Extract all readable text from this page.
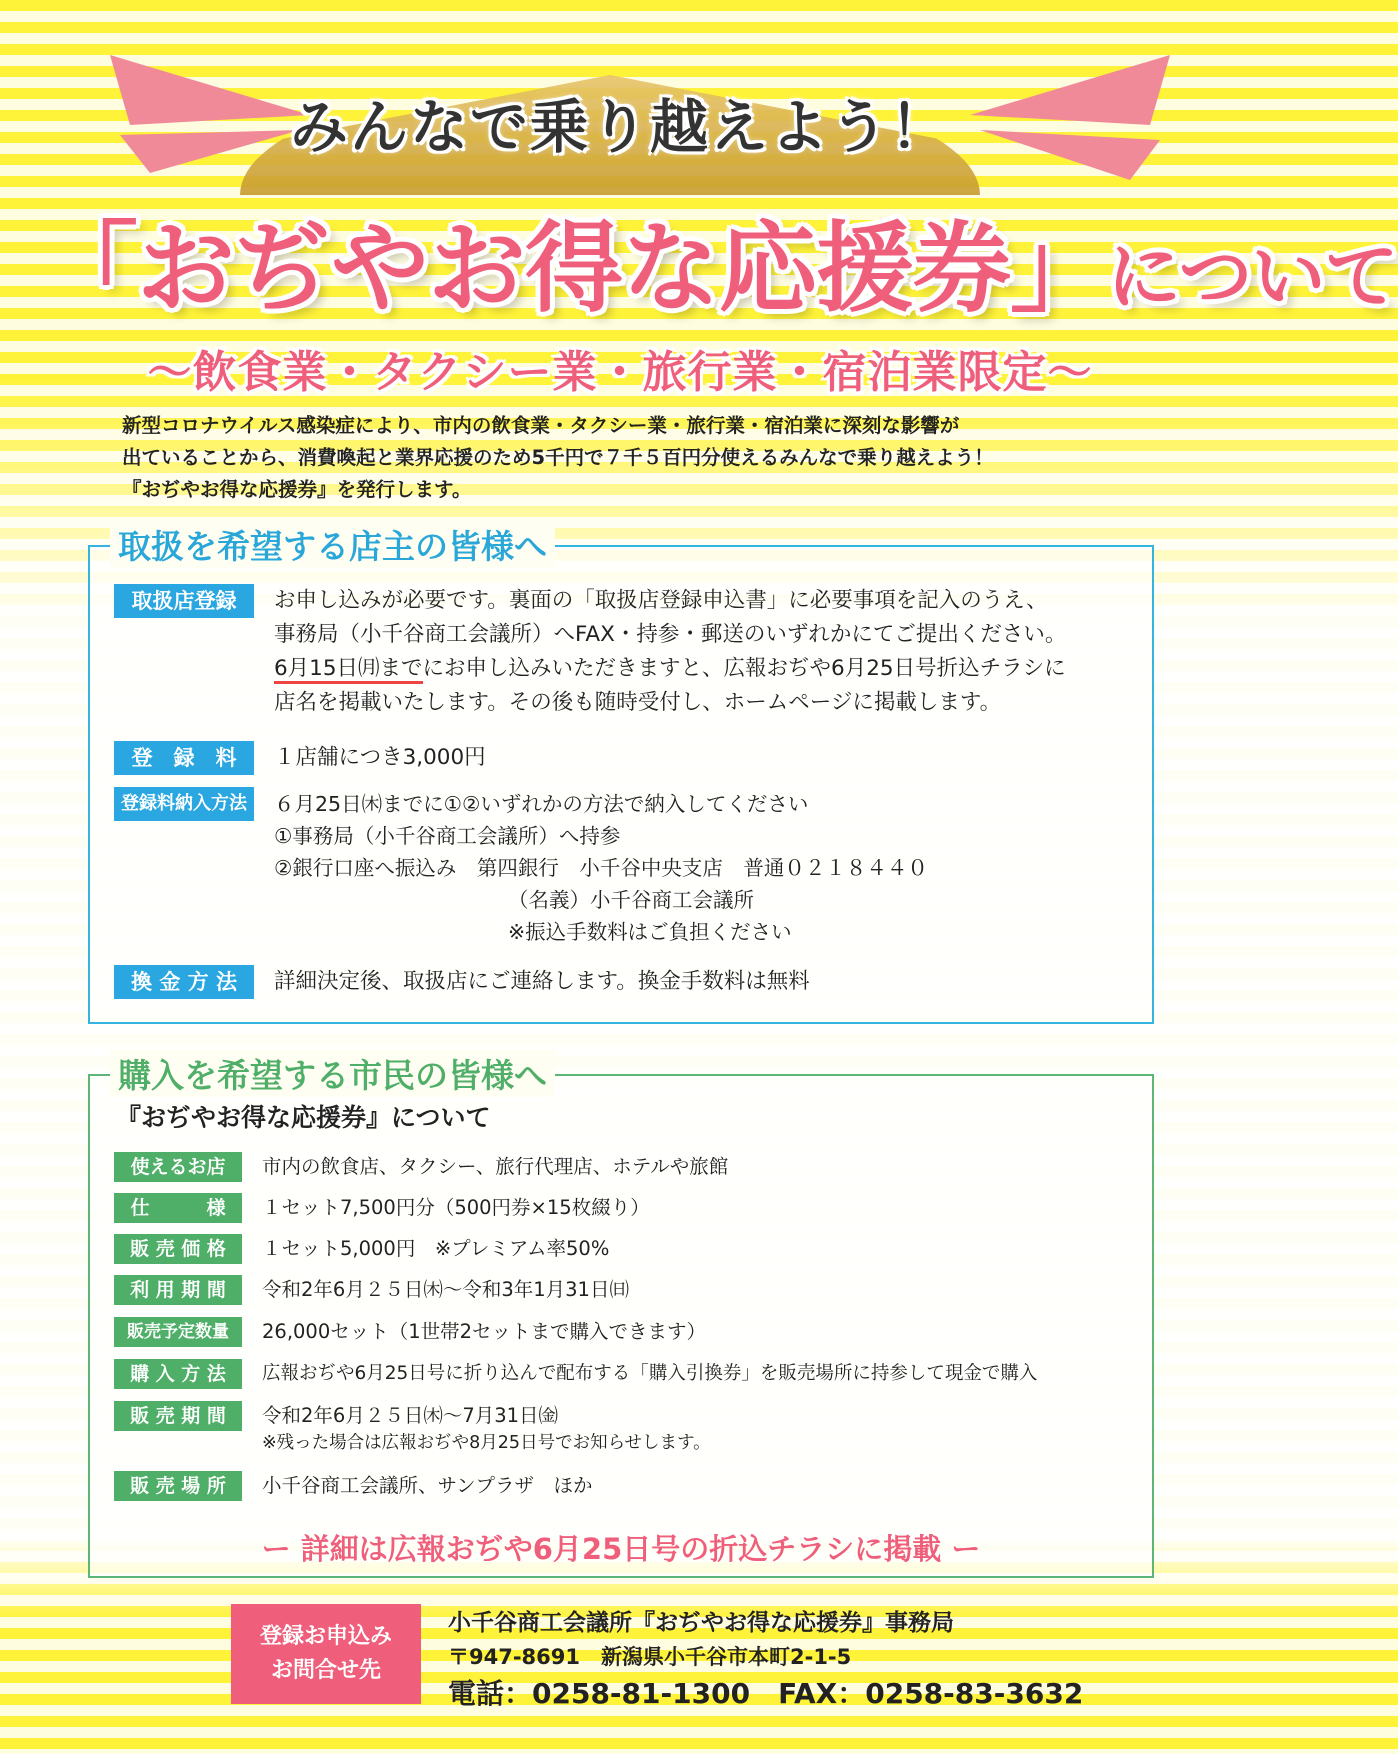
みんなで乗り越えよう！
「おぢやお得な応援券」について
～飲食業・タクシー業・旅行業・宿泊業限定～
新型コロナウイルス感染症により、市内の飲食業・タクシー業・旅行業・宿泊業に深刻な影響が
出ていることから、消費喚起と業界応援のため5千円で７千５百円分使えるみんなで乗り越えよう！
『おぢやお得な応援券』を発行します。
取扱を希望する店主の皆様へ
取扱店登録	お申し込みが必要です。裏面の「取扱店登録申込書」に必要事項を記入のうえ、
事務局（小千谷商工会議所）へFAX・持参・郵送のいずれかにてご提出ください。
6月15日㈪までにお申し込みいただきますと、広報おぢや6月25日号折込チラシに
店名を掲載いたします。その後も随時受付し、ホームページに掲載します。
登　録　料	１店舗につき3,000円
登録料納入方法	６月25日㈭までに①②いずれかの方法で納入してください
①事務局（小千谷商工会議所）へ持参
②銀行口座へ振込み　第四銀行　小千谷中央支店　普通０２１８４４０
（名義）小千谷商工会議所
※振込手数料はご負担ください
換 金 方 法	詳細決定後、取扱店にご連絡します。換金手数料は無料
購入を希望する市民の皆様へ
『おぢやお得な応援券』について
使えるお店	市内の飲食店、タクシー、旅行代理店、ホテルや旅館
仕　　　様	１セット7,500円分（500円券×15枚綴り）
販 売 価 格	１セット5,000円　※プレミアム率50%
利 用 期 間	令和2年6月２５日㈭～令和3年1月31日㈰
販売予定数量	26,000セット（1世帯2セットまで購入できます）
購 入 方 法	広報おぢや6月25日号に折り込んで配布する「購入引換券」を販売場所に持参して現金で購入
販 売 期 間	令和2年6月２５日㈭～7月31日㈮
※残った場合は広報おぢや8月25日号でお知らせします。
販 売 場 所	小千谷商工会議所、サンプラザ　ほか
ー 詳細は広報おぢや6月25日号の折込チラシに掲載 ー
登録お申込み
お問合せ先
小千谷商工会議所『おぢやお得な応援券』事務局
〒947-8691　新潟県小千谷市本町2-1-5
電話：0258-81-1300　FAX：0258-83-3632
